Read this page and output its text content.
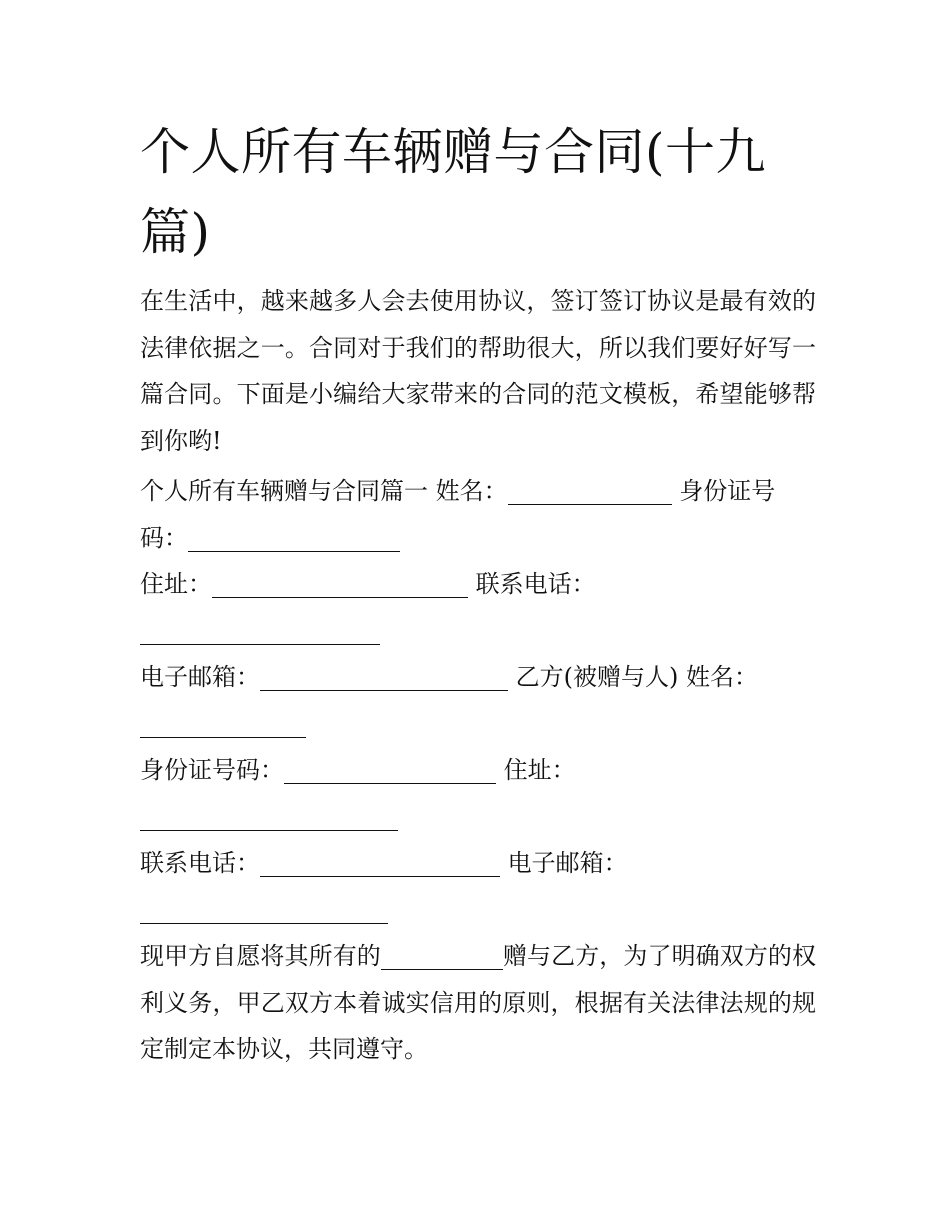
个人所有车辆赠与合同(十九
篇)

在生活中，越来越多人会去使用协议，签订签订协议是最有效的法律依据之一。合同对于我们的帮助很大，所以我们要好好写一篇合同。下面是小编给大家带来的合同的范文模板，希望能够帮到你哟!

个人所有车辆赠与合同篇一 姓名：	身份证号

码：

住址：	联系电话：

电子邮箱：	乙方(被赠与人) 姓名：

身份证号码：	住址：

联系电话：	电子邮箱：

现甲方自愿将其所有的	赠与乙方，为了明确双方的权利义务，甲乙双方本着诚实信用的原则，根据有关法律法规的规定制定本协议，共同遵守。
